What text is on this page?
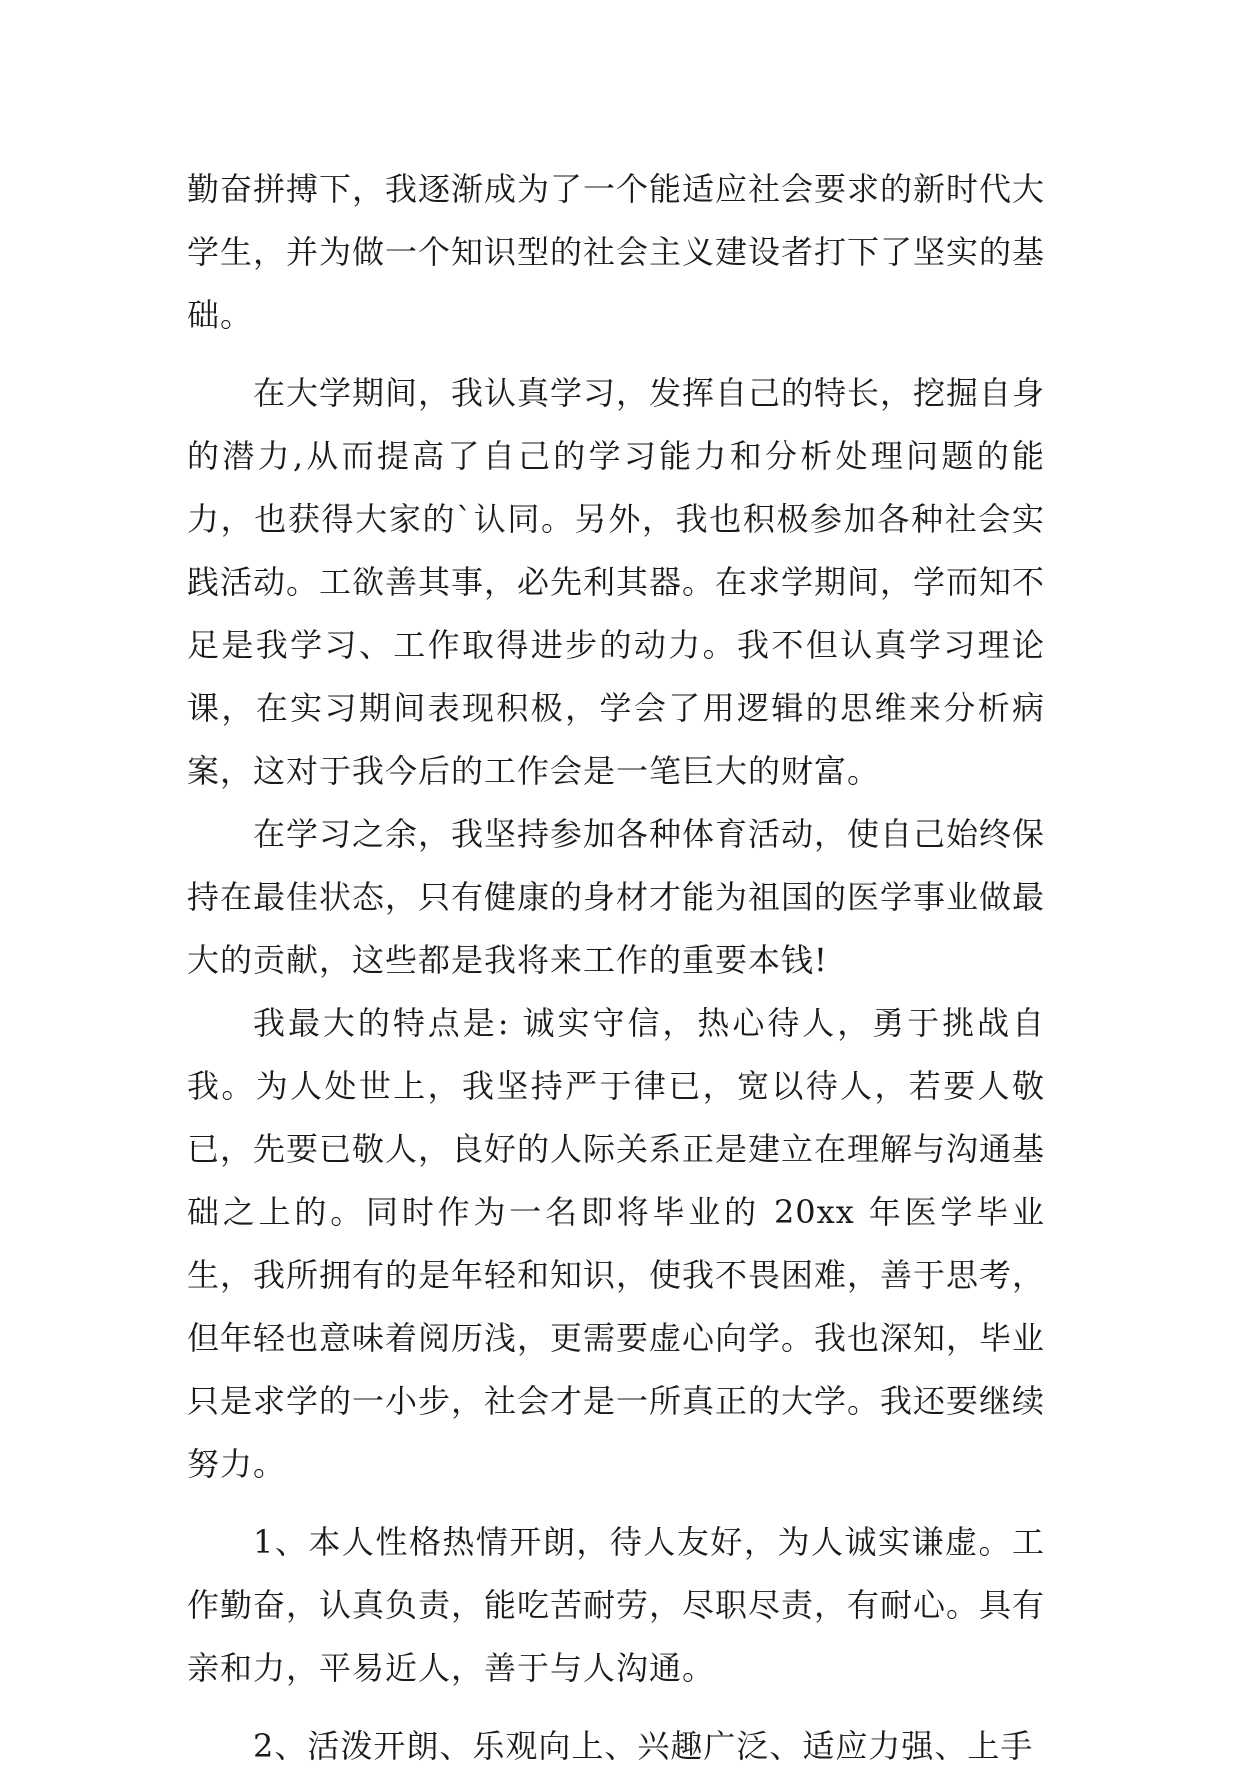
勤奋拼搏下，我逐渐成为了一个能适应社会要求的新时代大学生，并为做一个知识型的社会主义建设者打下了坚实的基础。

在大学期间，我认真学习，发挥自己的特长，挖掘自身的潜力,从而提高了自己的学习能力和分析处理问题的能力，也获得大家的`认同。另外，我也积极参加各种社会实践活动。工欲善其事，必先利其器。在求学期间，学而知不足是我学习、工作取得进步的动力。我不但认真学习理论课，在实习期间表现积极，学会了用逻辑的思维来分析病案，这对于我今后的工作会是一笔巨大的财富。

在学习之余，我坚持参加各种体育活动，使自己始终保持在最佳状态，只有健康的身材才能为祖国的医学事业做最大的贡献，这些都是我将来工作的重要本钱!

我最大的特点是: 诚实守信，热心待人，勇于挑战自我。为人处世上，我坚持严于律已，宽以待人，若要人敬已，先要已敬人，良好的人际关系正是建立在理解与沟通基础之上的。同时作为一名即将毕业的 20xx 年医学毕业生，我所拥有的是年轻和知识，使我不畏困难，善于思考，但年轻也意味着阅历浅，更需要虚心向学。我也深知，毕业只是求学的一小步，社会才是一所真正的大学。我还要继续努力。

1、本人性格热情开朗，待人友好，为人诚实谦虚。工作勤奋，认真负责，能吃苦耐劳，尽职尽责，有耐心。具有亲和力，平易近人，善于与人沟通。

2、活泼开朗、乐观向上、兴趣广泛、适应力强、上手
